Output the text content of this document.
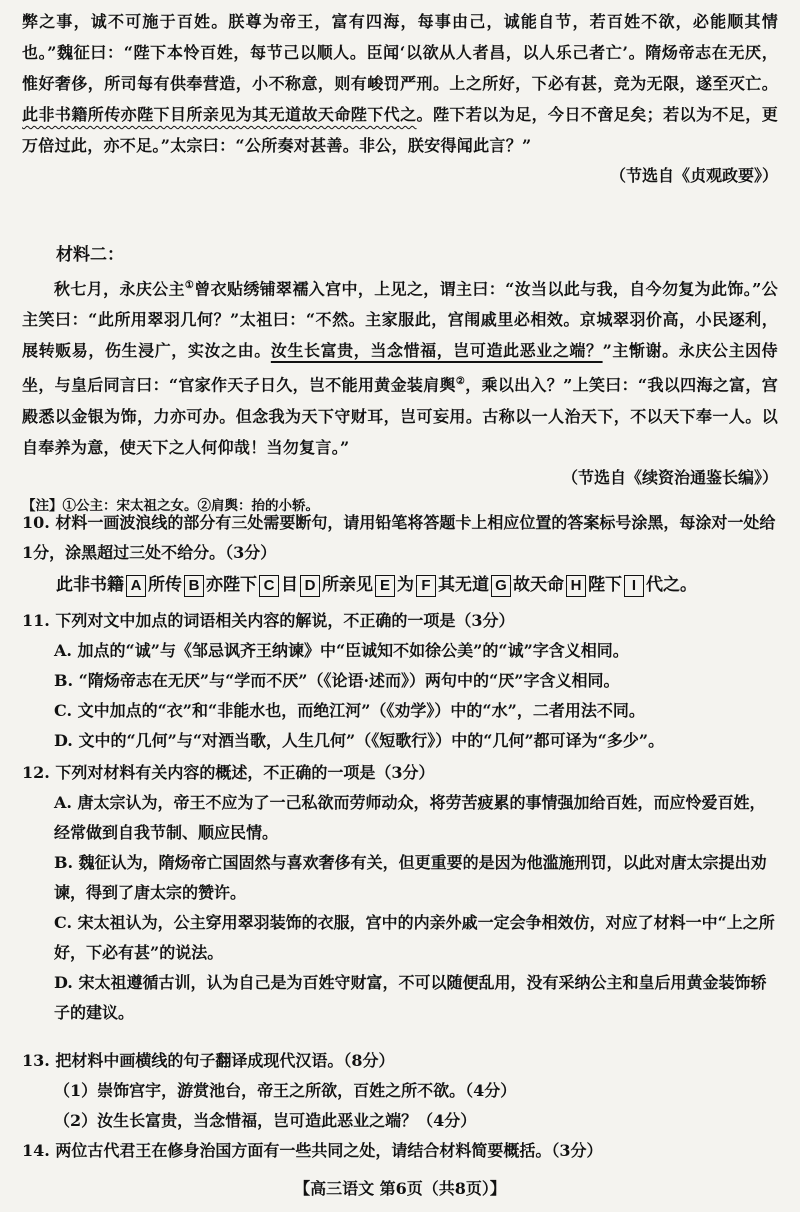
弊之事，诚不可施于百姓。朕尊为帝王，富有四海，每事由己，诚能自节，若百姓不欲，必能顺其情也。”魏征曰：“陛下本怜百姓，每节己以顺人。臣闻‘以欲从人者昌，以人乐己者亡’。隋炀帝志在无厌，惟好奢侈，所司每有供奉营造，小不称意，则有峻罚严刑。上之所好，下必有甚，竞为无限，遂至灭亡。此非书籍所传亦陛下目所亲见为其无道故天命陛下代之。陛下若以为足，今日不啻足矣；若以为不足，更万倍过此，亦不足。”太宗曰：“公所奏对甚善。非公，朕安得闻此言？”

（节选自《贞观政要》）

材料二：

秋七月，永庆公主①曾衣贴绣铺翠襦入宫中，上见之，谓主曰：“汝当以此与我，自今勿复为此饰。”公主笑曰：“此所用翠羽几何？”太祖曰：“不然。主家服此，宫闱戚里必相效。京城翠羽价高，小民逐利，展转贩易，伤生浸广，实汝之由。汝生长富贵，当念惜福，岂可造此恶业之端？”主惭谢。永庆公主因侍坐，与皇后同言曰：“官家作天子日久，岂不能用黄金装肩舆②，乘以出入？”上笑曰：“我以四海之富，宫殿悉以金银为饰，力亦可办。但念我为天下守财耳，岂可妄用。古称以一人治天下，不以天下奉一人。以自奉养为意，使天下之人何仰哉！当勿复言。”

（节选自《续资治通鉴长编》）

【注】①公主：宋太祖之女。②肩舆：抬的小轿。

10. 材料一画波浪线的部分有三处需要断句，请用铅笔将答题卡上相应位置的答案标号涂黑，每涂对一处给1分，涂黑超过三处不给分。（3分）

此非书籍 A 所传 B 亦陛下 C 目 D 所亲见 E 为 F 其无道 G 故天命 H 陛下 I 代之。

11. 下列对文中加点的词语相关内容的解说，不正确的一项是（3分）

A. 加点的“诚”与《邹忌讽齐王纳谏》中“臣诚知不如徐公美”的“诚”字含义相同。

B. “隋炀帝志在无厌”与“学而不厌”（《论语·述而》）两句中的“厌”字含义相同。

C. 文中加点的“衣”和“非能水也，而绝江河”（《劝学》）中的“水”，二者用法不同。

D. 文中的“几何”与“对酒当歌，人生几何”（《短歌行》）中的“几何”都可译为“多少”。

12. 下列对材料有关内容的概述，不正确的一项是（3分）

A. 唐太宗认为，帝王不应为了一己私欲而劳师动众，将劳苦疲累的事情强加给百姓，而应怜爱百姓，经常做到自我节制、顺应民情。

B. 魏征认为，隋炀帝亡国固然与喜欢奢侈有关，但更重要的是因为他滥施刑罚，以此对唐太宗提出劝谏，得到了唐太宗的赞许。

C. 宋太祖认为，公主穿用翠羽装饰的衣服，宫中的内亲外戚一定会争相效仿，对应了材料一中“上之所好，下必有甚”的说法。

D. 宋太祖遵循古训，认为自己是为百姓守财富，不可以随便乱用，没有采纳公主和皇后用黄金装饰轿子的建议。

13. 把材料中画横线的句子翻译成现代汉语。（8分）

（1）崇饰宫宇，游赏池台，帝王之所欲，百姓之所不欲。（4分）

（2）汝生长富贵，当念惜福，岂可造此恶业之端？（4分）

14. 两位古代君王在修身治国方面有一些共同之处，请结合材料简要概括。（3分）

【高三语文 第6页（共8页）】
